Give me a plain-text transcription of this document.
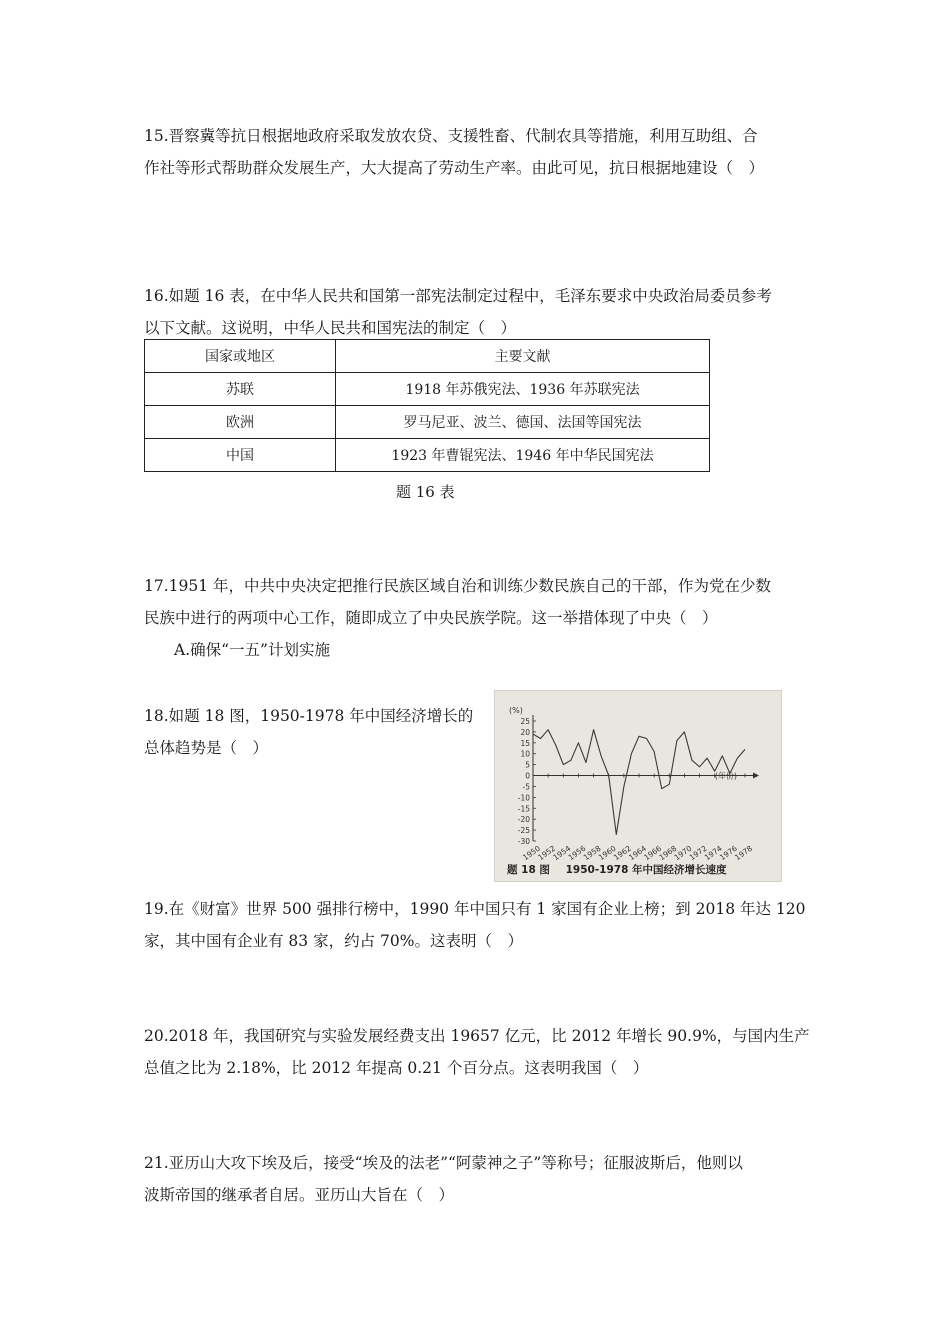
15.晋察冀等抗日根据地政府采取发放农贷、支援牲畜、代制农具等措施，利用互助组、合

作社等形式帮助群众发展生产，大大提高了劳动生产率。由此可见，抗日根据地建设（　）

16.如题 16 表，在中华人民共和国第一部宪法制定过程中，毛泽东要求中央政治局委员参考

以下文献。这说明，中华人民共和国宪法的制定（　）

国家或地区	主要文献
苏联	1918 年苏俄宪法、1936 年苏联宪法
欧洲	罗马尼亚、波兰、德国、法国等国宪法
中国	1923 年曹锟宪法、1946 年中华民国宪法
题 16 表

17.1951 年，中共中央决定把推行民族区域自治和训练少数民族自己的干部，作为党在少数

民族中进行的两项中心工作，随即成立了中央民族学院。这一举措体现了中央（　）

A.确保“一五”计划实施

18.如题 18 图，1950-1978 年中国经济增长的

总体趋势是（　）

(%)
(年份)
25
20
15
10
5
0
-5
-10
-15
-20
-25
-30
1950
1952
1954
1956
1958
1960
1962
1964
1966
1968
1970
1972
1974
1976
1978
题 18 图 1950-1978 年中国经济增长速度

19.在《财富》世界 500 强排行榜中，1990 年中国只有 1 家国有企业上榜；到 2018 年达 120

家，其中国有企业有 83 家，约占 70%。这表明（　）

20.2018 年，我国研究与实验发展经费支出 19657 亿元，比 2012 年增长 90.9%，与国内生产

总值之比为 2.18%，比 2012 年提高 0.21 个百分点。这表明我国（　）

21.亚历山大攻下埃及后，接受“埃及的法老”“阿蒙神之子”等称号；征服波斯后，他则以

波斯帝国的继承者自居。亚历山大旨在（　）
